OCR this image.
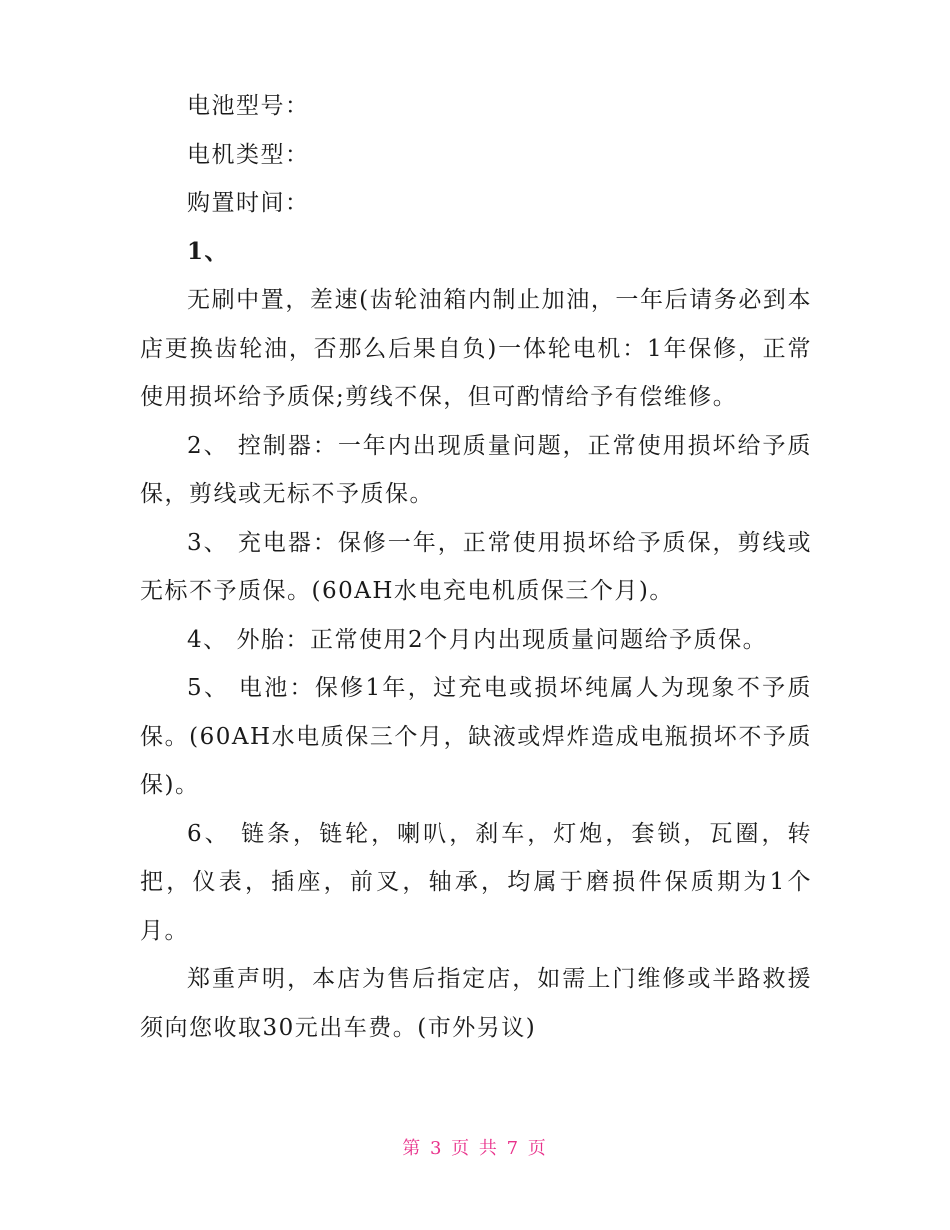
电池型号：

电机类型：

购置时间：

1、

无刷中置，差速(齿轮油箱内制止加油，一年后请务必到本店更换齿轮油，否那么后果自负)一体轮电机：1年保修，正常使用损坏给予质保;剪线不保，但可酌情给予有偿维修。

2、 控制器：一年内出现质量问题，正常使用损坏给予质保，剪线或无标不予质保。

3、 充电器：保修一年，正常使用损坏给予质保，剪线或无标不予质保。(60AH水电充电机质保三个月)。

4、 外胎：正常使用2个月内出现质量问题给予质保。

5、 电池：保修1年，过充电或损坏纯属人为现象不予质保。(60AH水电质保三个月，缺液或焊炸造成电瓶损坏不予质保)。

6、 链条，链轮，喇叭，刹车，灯炮，套锁，瓦圈，转把，仪表，插座，前叉，轴承，均属于磨损件保质期为1个月。

郑重声明，本店为售后指定店，如需上门维修或半路救援须向您收取30元出车费。(市外另议)

第 3 页 共 7 页
